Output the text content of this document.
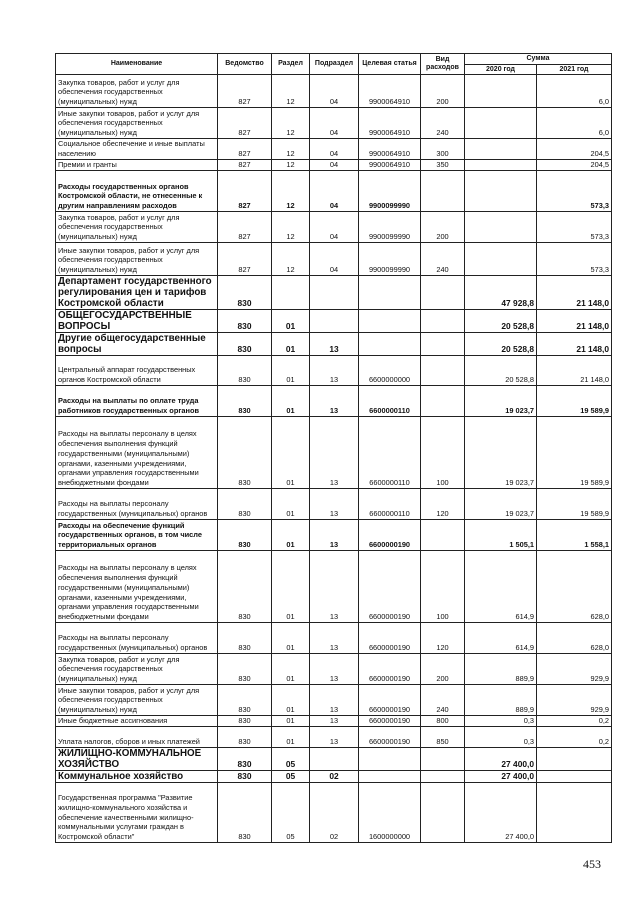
Наименование	Ведомство	Раздел	Подраздел	Целевая статья	Вид расходов	Сумма	
						2020 год	2021 год
Закупка товаров, работ и услуг для обеспечения государственных (муниципальных) нужд	827	12	04	9900064910	200		6,0
Иные закупки товаров, работ и услуг для обеспечения государственных (муниципальных) нужд	827	12	04	9900064910	240		6,0
Социальное обеспечение и иные выплаты населению	827	12	04	9900064910	300		204,5
Премии и гранты	827	12	04	9900064910	350		204,5
Расходы государственных органов Костромской области, не отнесенные к другим направлениям расходов	827	12	04	9900099990			573,3
Закупка товаров, работ и услуг для обеспечения государственных (муниципальных) нужд	827	12	04	9900099990	200		573,3
Иные закупки товаров, работ и услуг для обеспечения государственных (муниципальных) нужд	827	12	04	9900099990	240		573,3
Департамент государственного регулирования цен и тарифов Костромской области	830					47 928,8	21 148,0
ОБЩЕГОСУДАРСТВЕННЫЕ ВОПРОСЫ	830	01				20 528,8	21 148,0
Другие общегосударственные вопросы	830	01	13			20 528,8	21 148,0
Центральный аппарат государственных органов Костромской области	830	01	13	6600000000		20 528,8	21 148,0
Расходы на выплаты по оплате труда работников государственных органов	830	01	13	6600000110		19 023,7	19 589,9
Расходы на выплаты персоналу в целях обеспечения выполнения функций государственными (муниципальными) органами, казенными учреждениями, органами управления государственными внебюджетными фондами	830	01	13	6600000110	100	19 023,7	19 589,9
Расходы на выплаты персоналу государственных (муниципальных) органов	830	01	13	6600000110	120	19 023,7	19 589,9
Расходы на обеспечение функций государственных органов, в том числе территориальных органов	830	01	13	6600000190		1 505,1	1 558,1
Расходы на выплаты персоналу в целях обеспечения выполнения функций государственными (муниципальными) органами, казенными учреждениями, органами управления государственными внебюджетными фондами	830	01	13	6600000190	100	614,9	628,0
Расходы на выплаты персоналу государственных (муниципальных) органов	830	01	13	6600000190	120	614,9	628,0
Закупка товаров, работ и услуг для обеспечения государственных (муниципальных) нужд	830	01	13	6600000190	200	889,9	929,9
Иные закупки товаров, работ и услуг для обеспечения государственных (муниципальных) нужд	830	01	13	6600000190	240	889,9	929,9
Иные бюджетные ассигнования	830	01	13	6600000190	800	0,3	0,2
Уплата налогов, сборов и иных платежей	830	01	13	6600000190	850	0,3	0,2
ЖИЛИЩНО-КОММУНАЛЬНОЕ ХОЗЯЙСТВО	830	05				27 400,0	
Коммунальное хозяйство	830	05	02			27 400,0	
Государственная программа "Развитие жилищно-коммунального хозяйства и обеспечение качественными жилищно-коммунальными услугами граждан в Костромской области"	830	05	02	1600000000		27 400,0	
453
